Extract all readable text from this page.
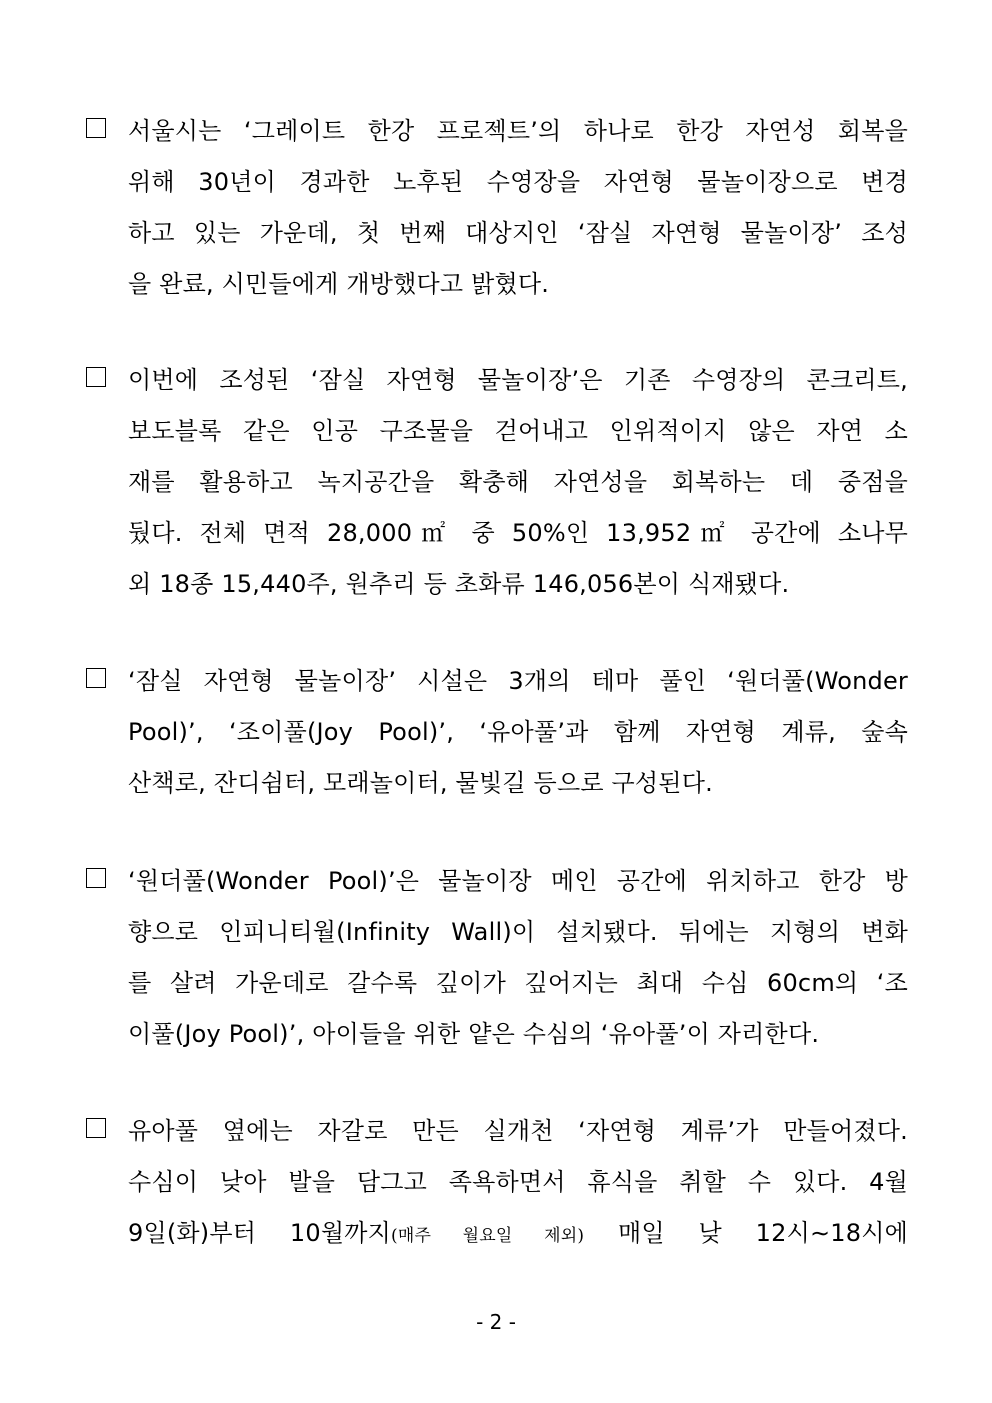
서울시는 ‘그레이트 한강 프로젝트’의 하나로 한강 자연성 회복을
위해 30년이 경과한 노후된 수영장을 자연형 물놀이장으로 변경
하고 있는 가운데, 첫 번째 대상지인 ‘잠실 자연형 물놀이장’ 조성
을 완료, 시민들에게 개방했다고 밝혔다.
이번에 조성된 ‘잠실 자연형 물놀이장’은 기존 수영장의 콘크리트,
보도블록 같은 인공 구조물을 걷어내고 인위적이지 않은 자연 소
재를 활용하고 녹지공간을 확충해 자연성을 회복하는 데 중점을
뒀다. 전체 면적 28,000㎡ 중 50%인 13,952㎡ 공간에 소나무
외 18종 15,440주, 원추리 등 초화류 146,056본이 식재됐다.
‘잠실 자연형 물놀이장’ 시설은 3개의 테마 풀인 ‘원더풀(Wonder
Pool)’, ‘조이풀(Joy Pool)’, ‘유아풀’과 함께 자연형 계류, 숲속
산책로, 잔디쉼터, 모래놀이터, 물빛길 등으로 구성된다.
‘원더풀(Wonder Pool)’은 물놀이장 메인 공간에 위치하고 한강 방
향으로 인피니티월(Infinity Wall)이 설치됐다. 뒤에는 지형의 변화
를 살려 가운데로 갈수록 깊이가 깊어지는 최대 수심 60cm의 ‘조
이풀(Joy Pool)’, 아이들을 위한 얕은 수심의 ‘유아풀’이 자리한다.
유아풀 옆에는 자갈로 만든 실개천 ‘자연형 계류’가 만들어졌다.
수심이 낮아 발을 담그고 족욕하면서 휴식을 취할 수 있다. 4월
9일(화)부터 10월까지(매주 월요일 제외) 매일 낮 12시∼18시에
- 2 -
